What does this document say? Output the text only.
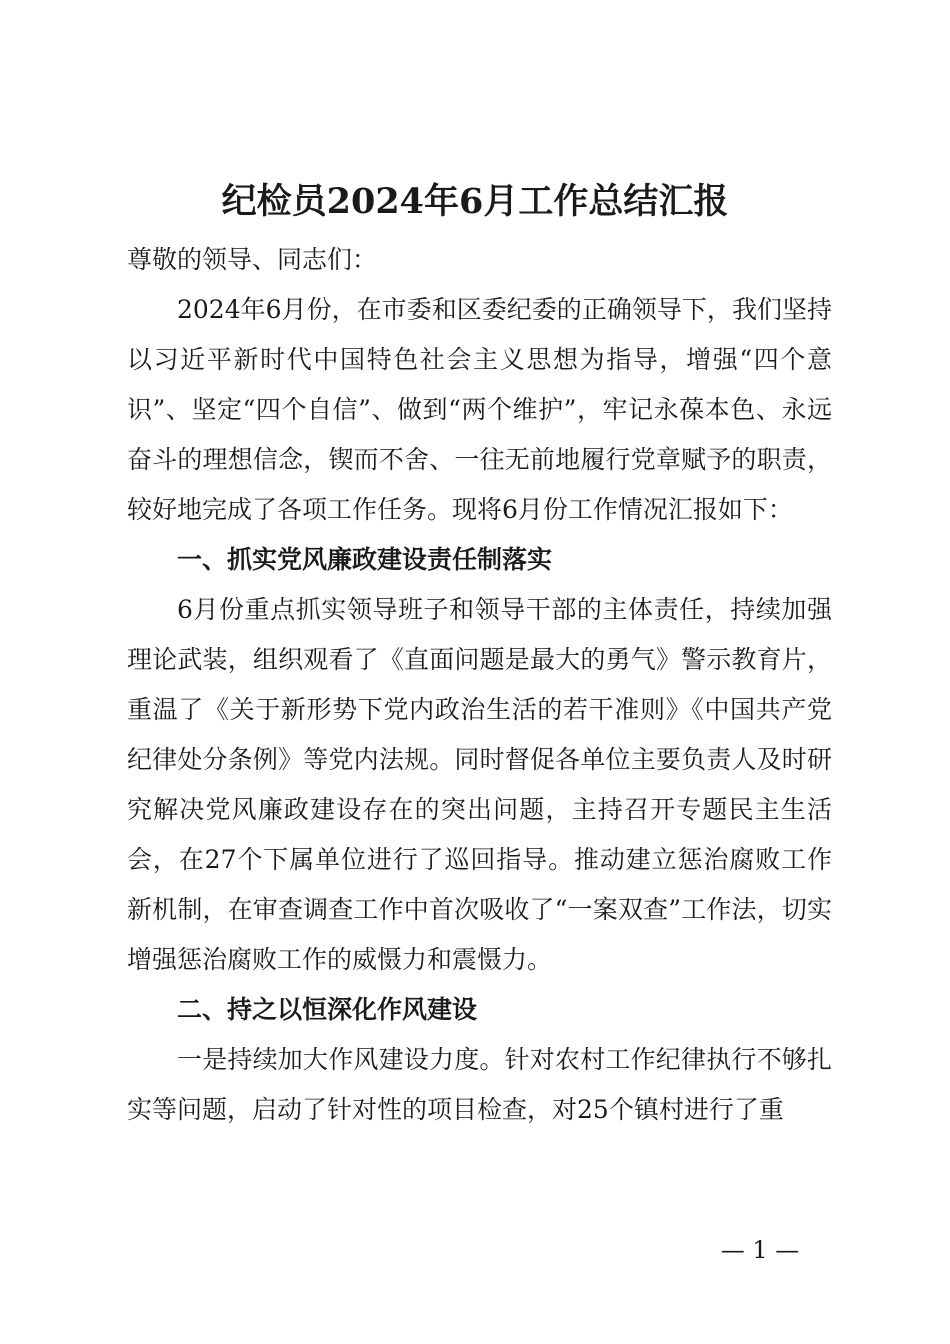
纪检员2024年6月工作总结汇报

尊敬的领导、同志们：

2024年6月份，在市委和区委纪委的正确领导下，我们坚持以习近平新时代中国特色社会主义思想为指导，增强“四个意识”、坚定“四个自信”、做到“两个维护”，牢记永葆本色、永远奋斗的理想信念，锲而不舍、一往无前地履行党章赋予的职责，较好地完成了各项工作任务。现将6月份工作情况汇报如下：

一、抓实党风廉政建设责任制落实

6月份重点抓实领导班子和领导干部的主体责任，持续加强理论武装，组织观看了《直面问题是最大的勇气》警示教育片，重温了《关于新形势下党内政治生活的若干准则》《中国共产党纪律处分条例》等党内法规。同时督促各单位主要负责人及时研究解决党风廉政建设存在的突出问题，主持召开专题民主生活会，在27个下属单位进行了巡回指导。推动建立惩治腐败工作新机制，在审查调查工作中首次吸收了“一案双查”工作法，切实增强惩治腐败工作的威慑力和震慑力。

二、持之以恒深化作风建设

一是持续加大作风建设力度。针对农村工作纪律执行不够扎实等问题，启动了针对性的项目检查，对25个镇村进行了重

— 1 —
